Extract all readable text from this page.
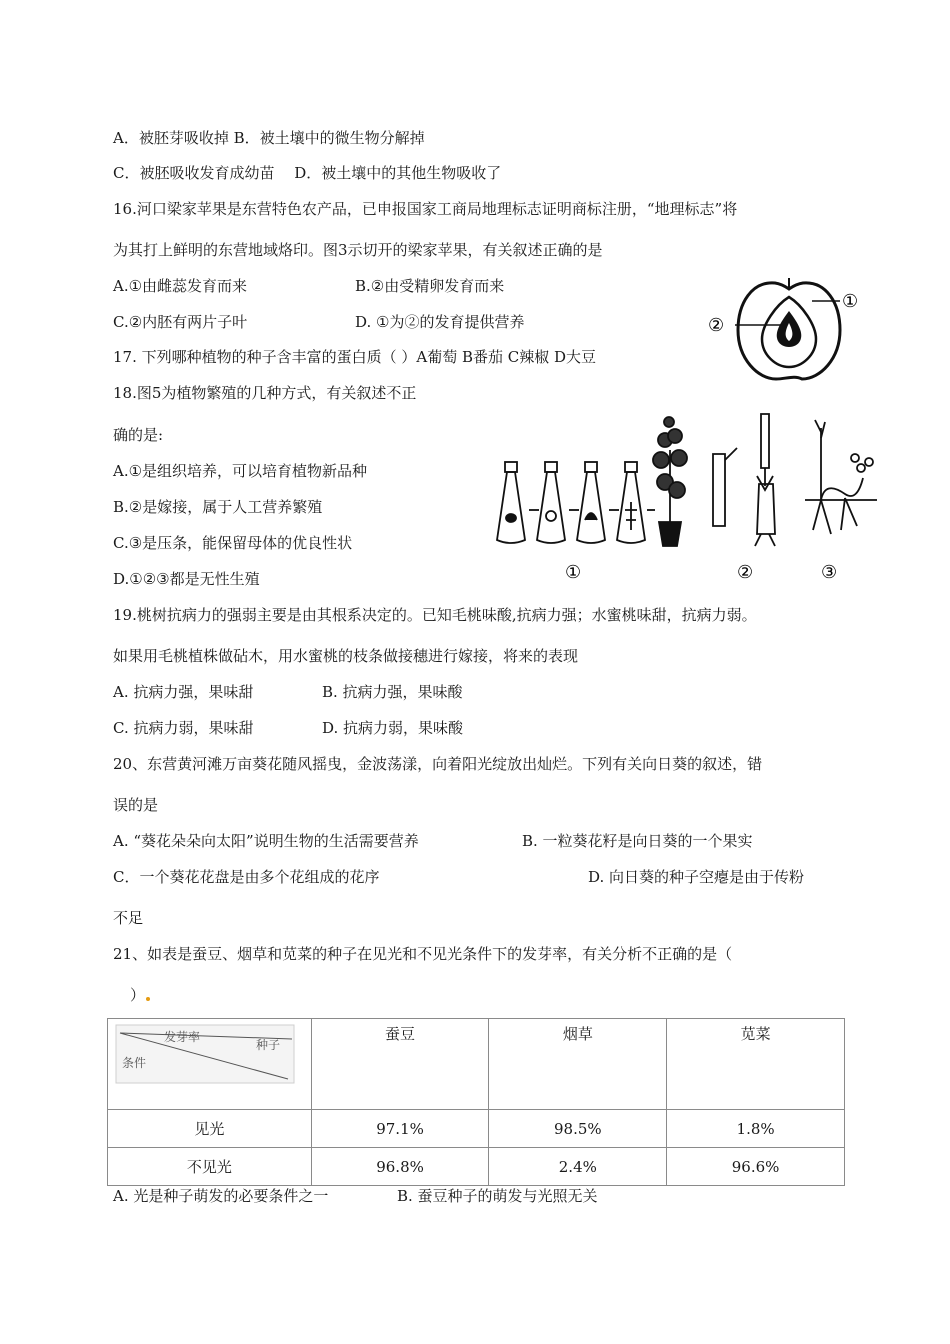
A．被胚芽吸收掉 B．被土壤中的微生物分解掉
C．被胚吸收发育成幼苗　 D．被土壤中的其他生物吸收了
16.河口梁家苹果是东营特色农产品，已申报国家工商局地理标志证明商标注册，“地理标志”将
为其打上鲜明的东营地域烙印。图3示切开的梁家苹果，有关叙述正确的是
A.①由雌蕊发育而来	B.②由受精卵发育而来
C.②内胚有两片子叶	D. ①为②的发育提供营养
17. 下列哪种植物的种子含丰富的蛋白质（ ）A葡萄 B番茄 C辣椒 D大豆
18.图5为植物繁殖的几种方式，有关叙述不正
确的是:
A.①是组织培养，可以培育植物新品种
B.②是嫁接，属于人工营养繁殖
C.③是压条，能保留母体的优良性状
D.①②③都是无性生殖
19.桃树抗病力的强弱主要是由其根系决定的。已知毛桃味酸,抗病力强；水蜜桃味甜，抗病力弱。
如果用毛桃植株做砧木，用水蜜桃的枝条做接穗进行嫁接，将来的表现
A. 抗病力强，果味甜	B. 抗病力强，果味酸
C. 抗病力弱，果味甜	D. 抗病力弱，果味酸
20、东营黄河滩万亩葵花随风摇曳，金波荡漾，向着阳光绽放出灿烂。下列有关向日葵的叙述，错
误的是
A. “葵花朵朵向太阳”说明生物的生活需要营养	B. 一粒葵花籽是向日葵的一个果实
C．一个葵花花盘是由多个花组成的花序	D. 向日葵的种子空瘪是由于传粉
不足
21、如表是蚕豆、烟草和苋菜的种子在见光和不见光条件下的发芽率，有关分析不正确的是（
）
A. 光是种子萌发的必要条件之一	B. 蚕豆种子的萌发与光照无关
①
②
①	②	③
发芽率
种子
条件	蚕豆	烟草	苋菜
见光	97.1%	98.5%	1.8%
不见光	96.8%	2.4%	96.6%
